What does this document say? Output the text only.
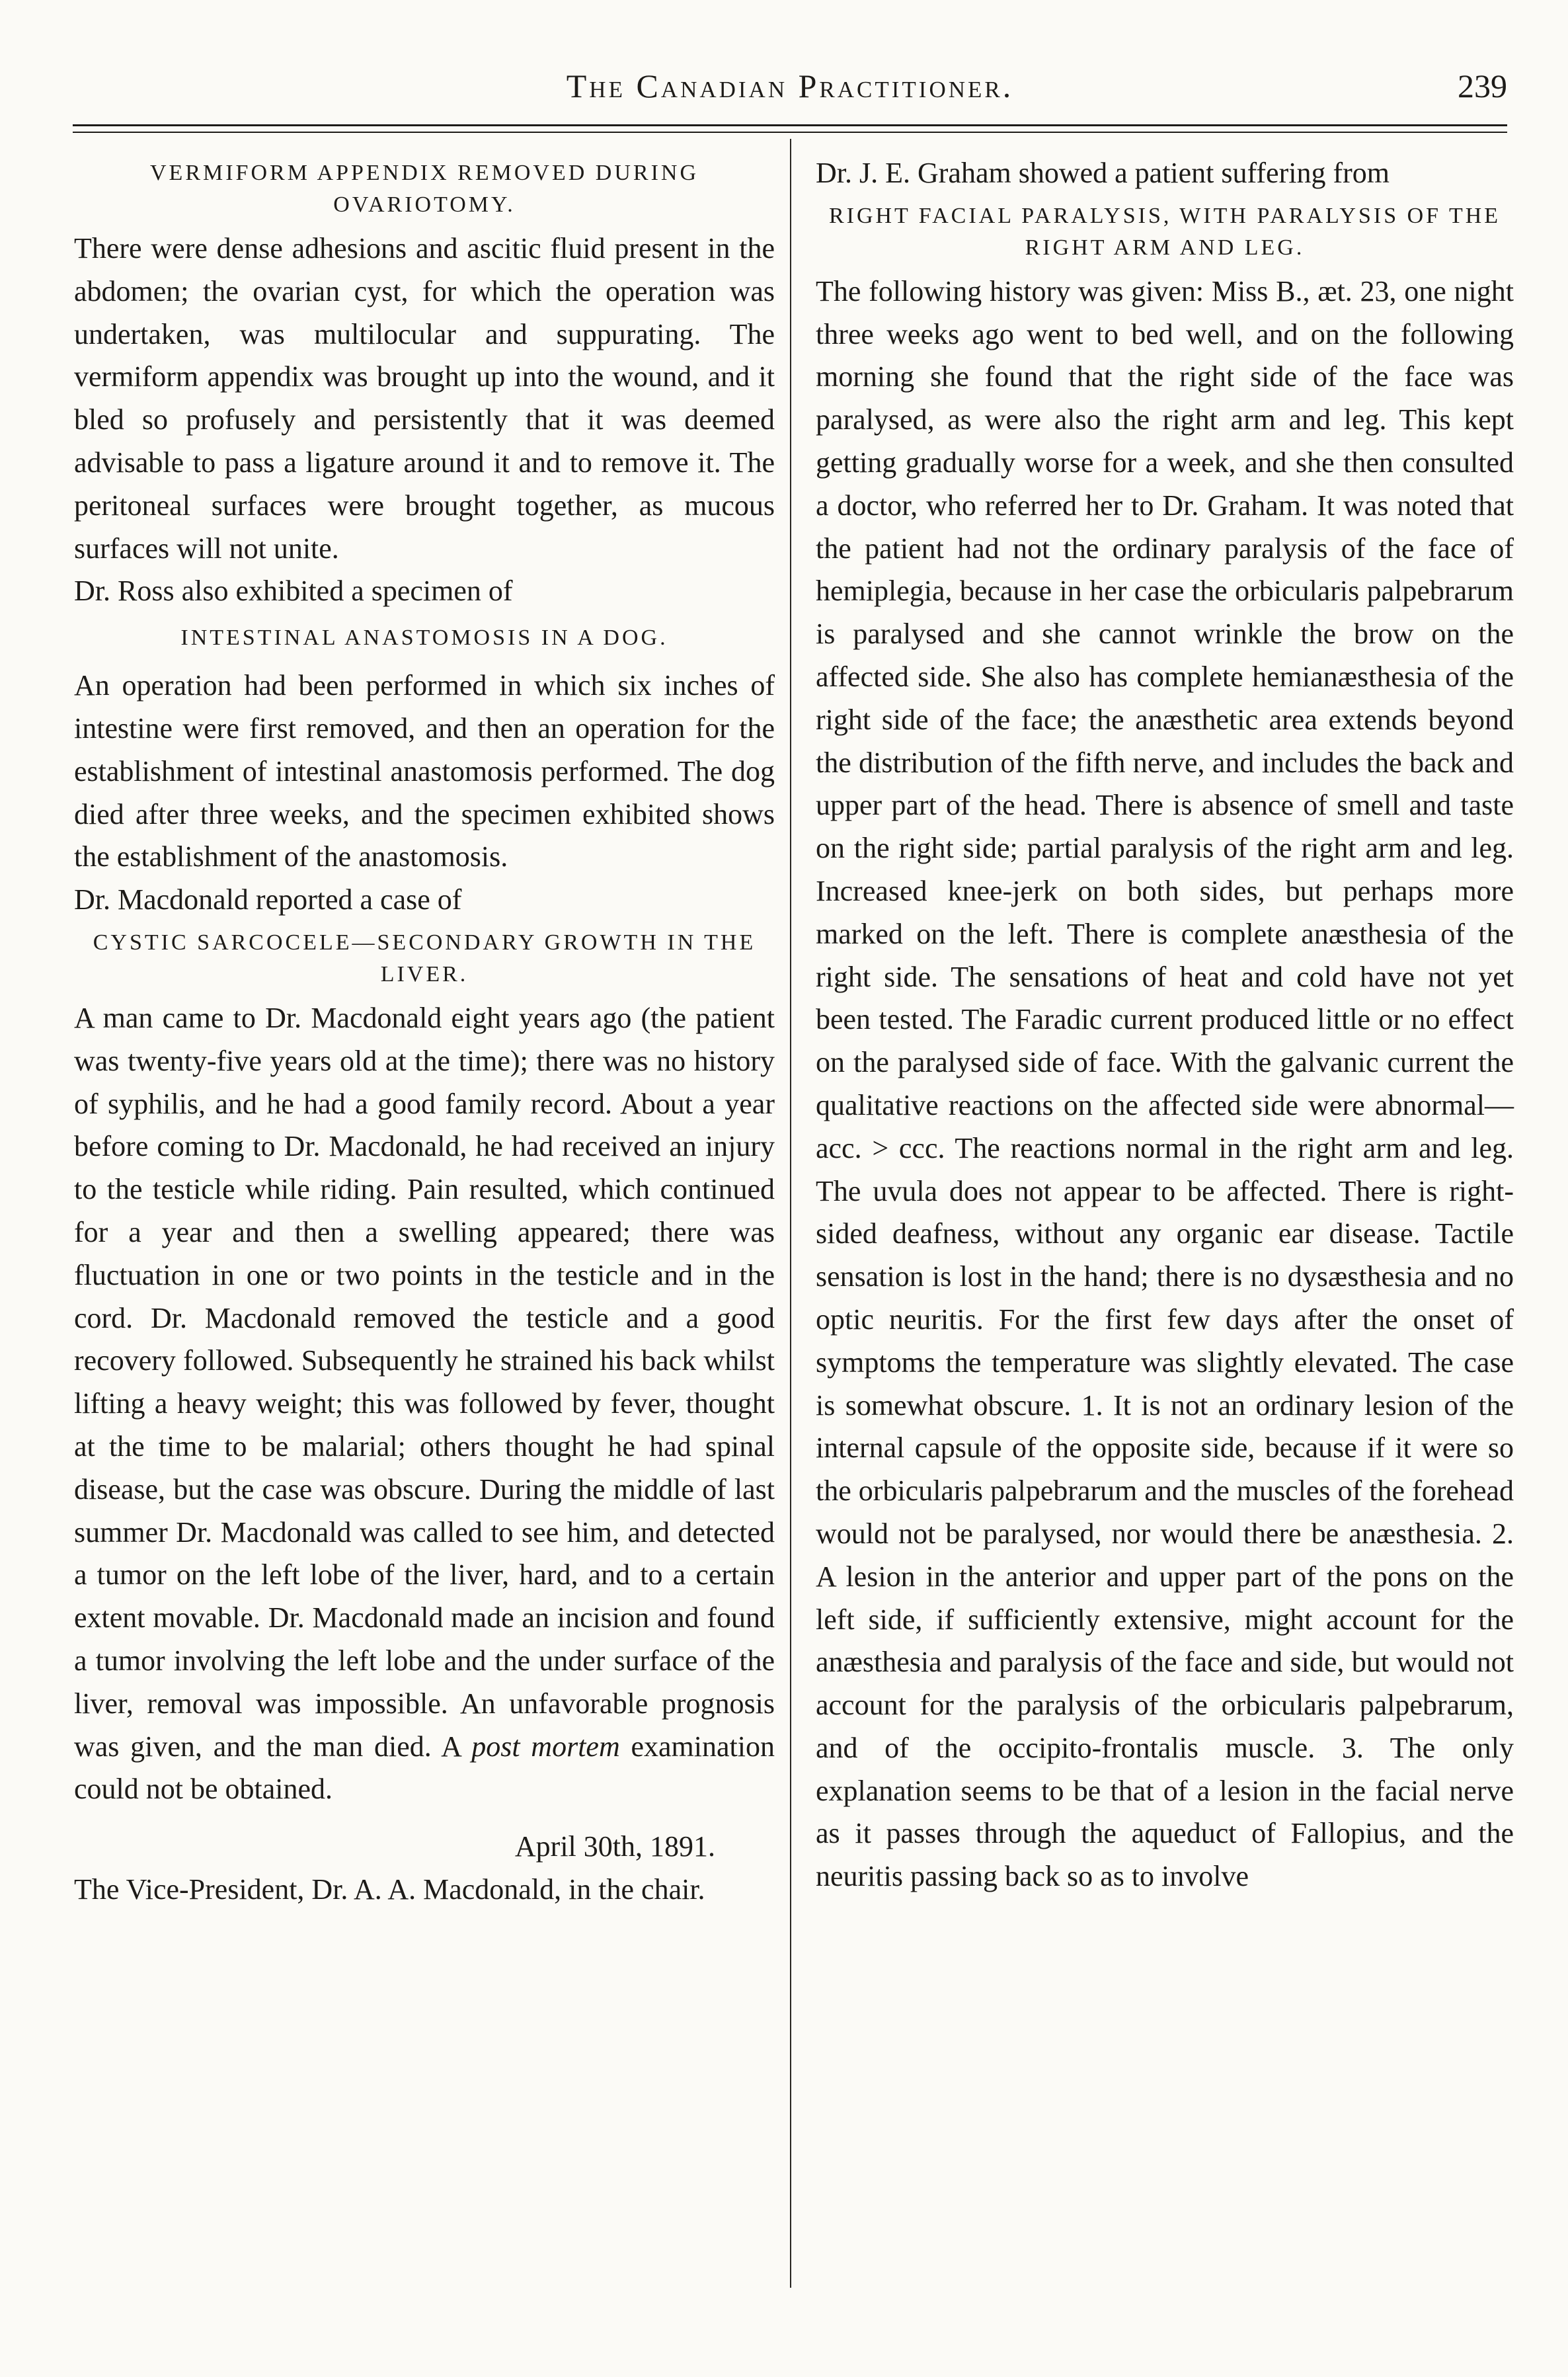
The Canadian Practitioner.	239
VERMIFORM APPENDIX REMOVED DURING OVARIOTOMY.

There were dense adhesions and ascitic fluid present in the abdomen; the ovarian cyst, for which the operation was undertaken, was multilocular and suppurating. The vermiform appendix was brought up into the wound, and it bled so profusely and persistently that it was deemed advisable to pass a ligature around it and to remove it. The peritoneal surfaces were brought together, as mucous surfaces will not unite.

Dr. Ross also exhibited a specimen of

INTESTINAL ANASTOMOSIS IN A DOG.

An operation had been performed in which six inches of intestine were first removed, and then an operation for the establishment of intestinal anastomosis performed. The dog died after three weeks, and the specimen exhibited shows the establishment of the anastomosis.

Dr. Macdonald reported a case of

CYSTIC SARCOCELE—SECONDARY GROWTH IN THE LIVER.

A man came to Dr. Macdonald eight years ago (the patient was twenty-five years old at the time); there was no history of syphilis, and he had a good family record. About a year before coming to Dr. Macdonald, he had received an injury to the testicle while riding. Pain resulted, which continued for a year and then a swelling appeared; there was fluctuation in one or two points in the testicle and in the cord. Dr. Macdonald removed the testicle and a good recovery followed. Subsequently he strained his back whilst lifting a heavy weight; this was followed by fever, thought at the time to be malarial; others thought he had spinal disease, but the case was obscure. During the middle of last summer Dr. Macdonald was called to see him, and detected a tumor on the left lobe of the liver, hard, and to a certain extent movable. Dr. Macdonald made an incision and found a tumor involving the left lobe and the under surface of the liver, removal was impossible. An unfavorable prognosis was given, and the man died. A post mortem examination could not be obtained.

April 30th, 1891.

The Vice-President, Dr. A. A. Macdonald, in the chair.

Dr. J. E. Graham showed a patient suffering from

RIGHT FACIAL PARALYSIS, WITH PARALYSIS OF THE RIGHT ARM AND LEG.

The following history was given: Miss B., æt. 23, one night three weeks ago went to bed well, and on the following morning she found that the right side of the face was paralysed, as were also the right arm and leg. This kept getting gradually worse for a week, and she then consulted a doctor, who referred her to Dr. Graham. It was noted that the patient had not the ordinary paralysis of the face of hemiplegia, because in her case the orbicularis palpebrarum is paralysed and she cannot wrinkle the brow on the affected side. She also has complete hemianæsthesia of the right side of the face; the anæsthetic area extends beyond the distribution of the fifth nerve, and includes the back and upper part of the head. There is absence of smell and taste on the right side; partial paralysis of the right arm and leg. Increased knee-jerk on both sides, but perhaps more marked on the left. There is complete anæsthesia of the right side. The sensations of heat and cold have not yet been tested. The Faradic current produced little or no effect on the paralysed side of face. With the galvanic current the qualitative reactions on the affected side were abnormal—acc. > ccc. The reactions normal in the right arm and leg. The uvula does not appear to be affected. There is right-sided deafness, without any organic ear disease. Tactile sensation is lost in the hand; there is no dysæsthesia and no optic neuritis. For the first few days after the onset of symptoms the temperature was slightly elevated. The case is somewhat obscure. 1. It is not an ordinary lesion of the internal capsule of the opposite side, because if it were so the orbicularis palpebrarum and the muscles of the forehead would not be paralysed, nor would there be anæsthesia. 2. A lesion in the anterior and upper part of the pons on the left side, if sufficiently extensive, might account for the anæsthesia and paralysis of the face and side, but would not account for the paralysis of the orbicularis palpebrarum, and of the occipito-frontalis muscle. 3. The only explanation seems to be that of a lesion in the facial nerve as it passes through the aqueduct of Fallopius, and the neuritis passing back so as to involve
